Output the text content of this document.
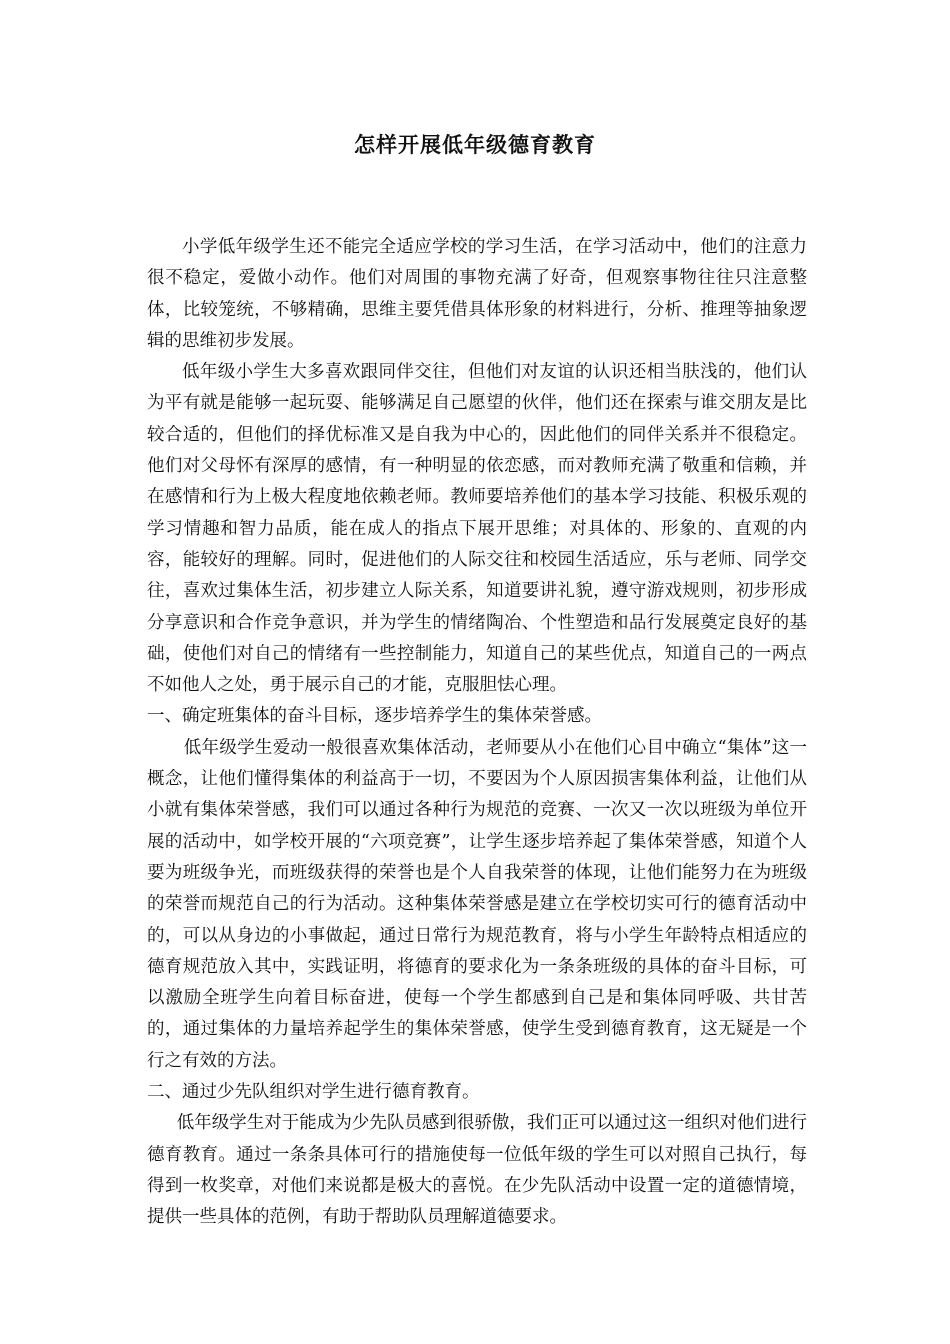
怎样开展低年级德育教育

小学低年级学生还不能完全适应学校的学习生活，在学习活动中，他们的注意力很不稳定，爱做小动作。他们对周围的事物充满了好奇，但观察事物往往只注意整体，比较笼统，不够精确，思维主要凭借具体形象的材料进行，分析、推理等抽象逻辑的思维初步发展。

低年级小学生大多喜欢跟同伴交往，但他们对友谊的认识还相当肤浅的，他们认为平有就是能够一起玩耍、能够满足自己愿望的伙伴，他们还在探索与谁交朋友是比较合适的，但他们的择优标准又是自我为中心的，因此他们的同伴关系并不很稳定。他们对父母怀有深厚的感情，有一种明显的依恋感，而对教师充满了敬重和信赖，并在感情和行为上极大程度地依赖老师。教师要培养他们的基本学习技能、积极乐观的学习情趣和智力品质，能在成人的指点下展开思维；对具体的、形象的、直观的内容，能较好的理解。同时，促进他们的人际交往和校园生活适应，乐与老师、同学交往，喜欢过集体生活，初步建立人际关系，知道要讲礼貌，遵守游戏规则，初步形成分享意识和合作竞争意识，并为学生的情绪陶冶、个性塑造和品行发展奠定良好的基础，使他们对自己的情绪有一些控制能力，知道自己的某些优点，知道自己的一两点不如他人之处，勇于展示自己的才能，克服胆怯心理。

一、确定班集体的奋斗目标，逐步培养学生的集体荣誉感。

低年级学生爱动一般很喜欢集体活动，老师要从小在他们心目中确立“集体”这一概念，让他们懂得集体的利益高于一切，不要因为个人原因损害集体利益，让他们从小就有集体荣誉感，我们可以通过各种行为规范的竞赛、一次又一次以班级为单位开展的活动中，如学校开展的“六项竞赛”，让学生逐步培养起了集体荣誉感，知道个人要为班级争光，而班级获得的荣誉也是个人自我荣誉的体现，让他们能努力在为班级的荣誉而规范自己的行为活动。这种集体荣誉感是建立在学校切实可行的德育活动中的，可以从身边的小事做起，通过日常行为规范教育，将与小学生年龄特点相适应的德育规范放入其中，实践证明，将德育的要求化为一条条班级的具体的奋斗目标，可以激励全班学生向着目标奋进，使每一个学生都感到自己是和集体同呼吸、共甘苦的，通过集体的力量培养起学生的集体荣誉感，使学生受到德育教育，这无疑是一个行之有效的方法。

二、通过少先队组织对学生进行德育教育。

低年级学生对于能成为少先队员感到很骄傲，我们正可以通过这一组织对他们进行德育教育。通过一条条具体可行的措施使每一位低年级的学生可以对照自己执行，每得到一枚奖章，对他们来说都是极大的喜悦。在少先队活动中设置一定的道德情境，提供一些具体的范例，有助于帮助队员理解道德要求。
